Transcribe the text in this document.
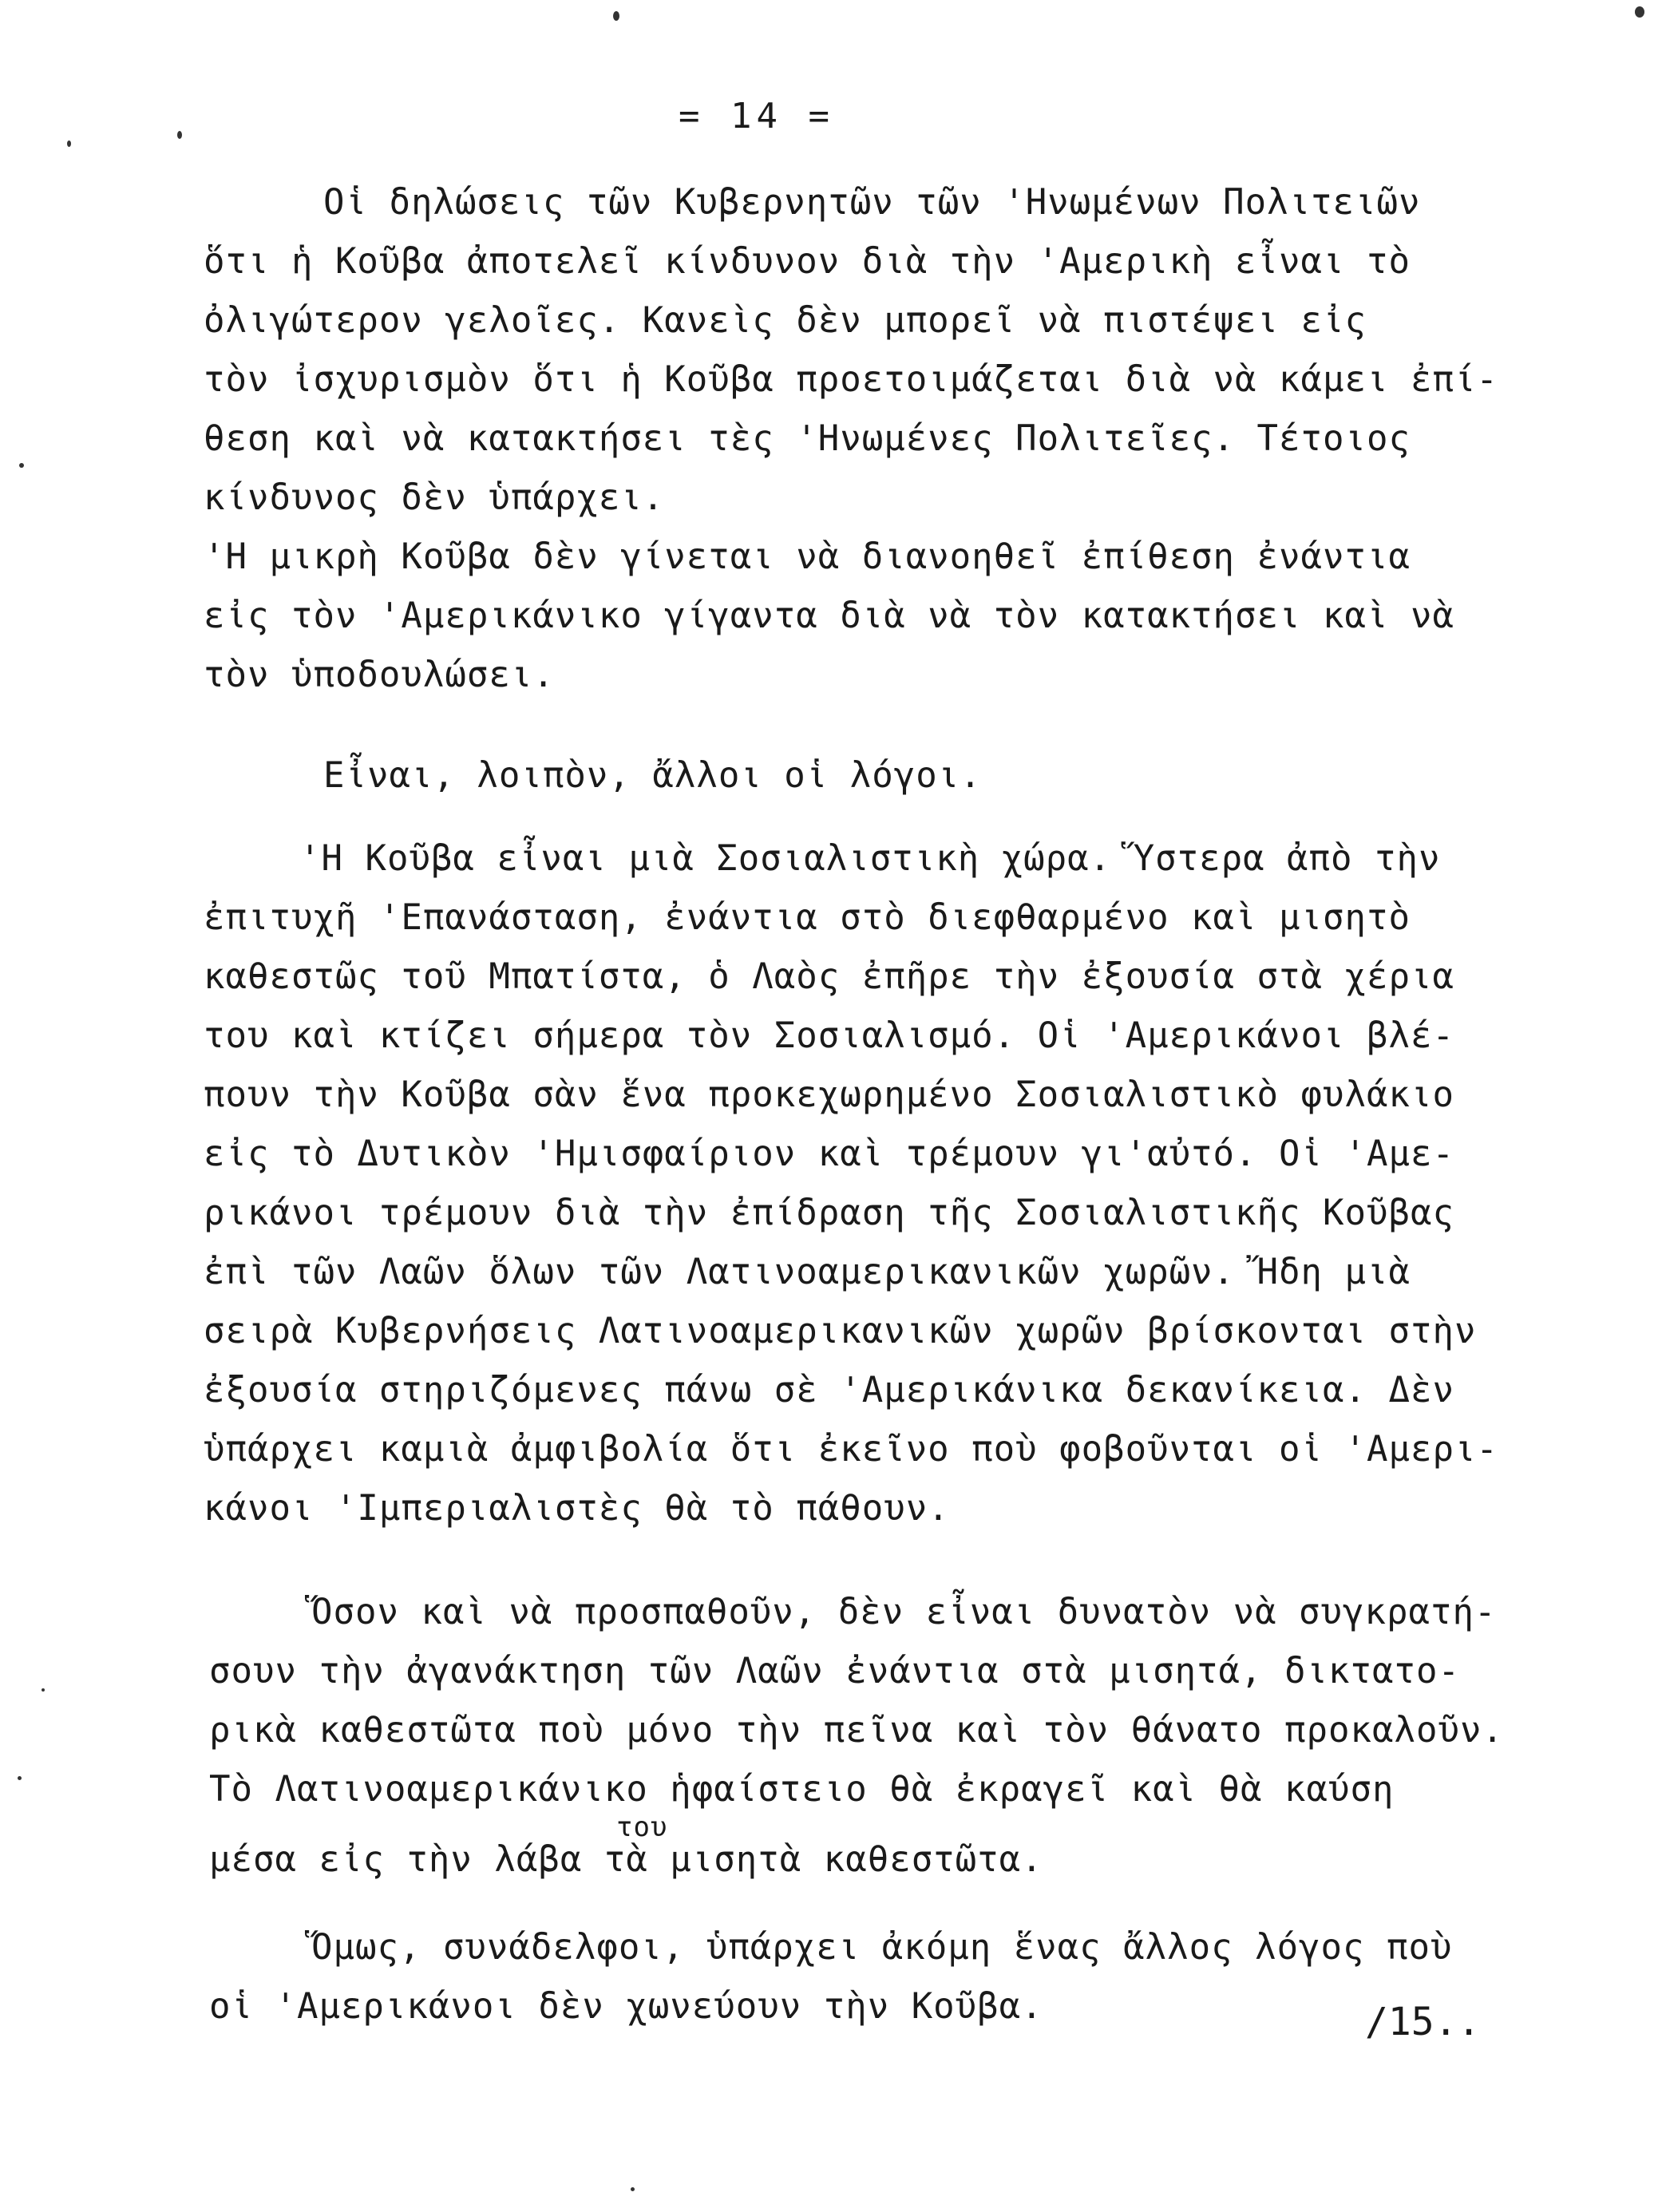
= 14 =
Οἱ δηλώσεις τῶν Κυβερνητῶν τῶν 'Ηνωμένων Πολιτειῶν
ὅτι ἡ Κοῦβα ἀποτελεῖ κίνδυνον διὰ τὴν 'Αμερικὴ εἶναι τὸ
ὀλιγώτερον γελοῖες. Κανεὶς δὲν μπορεῖ νὰ πιστέψει εἰς
τὸν ἰσχυρισμὸν ὅτι ἡ Κοῦβα προετοιμάζεται διὰ νὰ κάμει ἐπί-
θεση καὶ νὰ κατακτήσει τὲς 'Ηνωμένες Πολιτεῖες. Τέτοιος
κίνδυνος δὲν ὑπάρχει.
'Η μικρὴ Κοῦβα δὲν γίνεται νὰ διανοηθεῖ ἐπίθεση ἐνάντια
εἰς τὸν 'Αμερικάνικο γίγαντα διὰ νὰ τὸν κατακτήσει καὶ νὰ
τὸν ὑποδουλώσει.
Εἶναι, λοιπὸν, ἄλλοι οἱ λόγοι.
'Η Κοῦβα εἶναι μιὰ Σοσιαλιστικὴ χώρα. Ὕστερα ἀπὸ τὴν
ἐπιτυχῆ 'Επανάσταση, ἐνάντια στὸ διεφθαρμένο καὶ μισητὸ
καθεστῶς τοῦ Μπατίστα, ὁ Λαὸς ἐπῆρε τὴν ἐξουσία στὰ χέρια
του καὶ κτίζει σήμερα τὸν Σοσιαλισμό. Οἱ 'Αμερικάνοι βλέ-
πουν τὴν Κοῦβα σὰν ἕνα προκεχωρημένο Σοσιαλιστικὸ φυλάκιο
εἰς τὸ Δυτικὸν 'Ημισφαίριον καὶ τρέμουν γι'αὐτό. Οἱ 'Αμε-
ρικάνοι τρέμουν διὰ τὴν ἐπίδραση τῆς Σοσιαλιστικῆς Κοῦβας
ἐπὶ τῶν Λαῶν ὅλων τῶν Λατινοαμερικανικῶν χωρῶν. Ἤδη μιὰ
σειρὰ Κυβερνήσεις Λατινοαμερικανικῶν χωρῶν βρίσκονται στὴν
ἐξουσία στηριζόμενες πάνω σὲ 'Αμερικάνικα δεκανίκεια. Δὲν
ὑπάρχει καμιὰ ἀμφιβολία ὅτι ἐκεῖνο ποὺ φοβοῦνται οἱ 'Αμερι-
κάνοι 'Ιμπεριαλιστὲς θὰ τὸ πάθουν.
Ὅσον καὶ νὰ προσπαθοῦν, δὲν εἶναι δυνατὸν νὰ συγκρατή-
σουν τὴν ἀγανάκτηση τῶν Λαῶν ἐνάντια στὰ μισητά, δικτατο-
ρικὰ καθεστῶτα ποὺ μόνο τὴν πεῖνα καὶ τὸν θάνατο προκαλοῦν.
Τὸ Λατινοαμερικάνικο ἡφαίστειο θὰ ἐκραγεῖ καὶ θὰ καύση
του
μέσα εἰς τὴν λάβα τὰ μισητὰ καθεστῶτα.
Ὅμως, συνάδελφοι, ὑπάρχει ἀκόμη ἕνας ἄλλος λόγος ποὺ
οἱ 'Αμερικάνοι δὲν χωνεύουν τὴν Κοῦβα.	/15..
